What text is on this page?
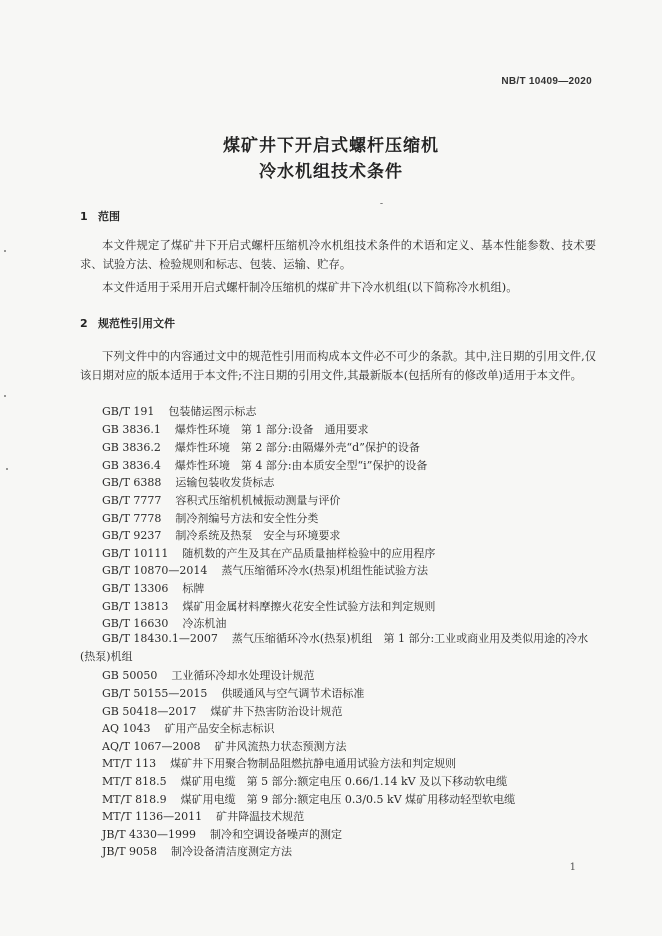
NB/T 10409—2020
煤矿井下开启式螺杆压缩机
冷水机组技术条件
1 范围
本文件规定了煤矿井下开启式螺杆压缩机冷水机组技术条件的术语和定义、基本性能参数、技术要求、试验方法、检验规则和标志、包装、运输、贮存。
本文件适用于采用开启式螺杆制冷压缩机的煤矿井下冷水机组(以下简称冷水机组)。
2 规范性引用文件
下列文件中的内容通过文中的规范性引用而构成本文件必不可少的条款。其中,注日期的引用文件,仅该日期对应的版本适用于本文件;不注日期的引用文件,其最新版本(包括所有的修改单)适用于本文件。
GB/T 191 包装储运图示标志
GB 3836.1 爆炸性环境　第 1 部分:设备　通用要求
GB 3836.2 爆炸性环境　第 2 部分:由隔爆外壳“d”保护的设备
GB 3836.4 爆炸性环境　第 4 部分:由本质安全型“i”保护的设备
GB/T 6388 运输包装收发货标志
GB/T 7777 容积式压缩机机械振动测量与评价
GB/T 7778 制冷剂编号方法和安全性分类
GB/T 9237 制冷系统及热泵　安全与环境要求
GB/T 10111 随机数的产生及其在产品质量抽样检验中的应用程序
GB/T 10870—2014 蒸气压缩循环冷水(热泵)机组性能试验方法
GB/T 13306 标牌
GB/T 13813 煤矿用金属材料摩擦火花安全性试验方法和判定规则
GB/T 16630 冷冻机油
GB/T 18430.1—2007 蒸气压缩循环冷水(热泵)机组　第 1 部分:工业或商业用及类似用途的冷水(热泵)机组
GB 50050 工业循环冷却水处理设计规范
GB/T 50155—2015 供暖通风与空气调节术语标准
GB 50418—2017 煤矿井下热害防治设计规范
AQ 1043 矿用产品安全标志标识
AQ/T 1067—2008 矿井风流热力状态预测方法
MT/T 113 煤矿井下用聚合物制品阻燃抗静电通用试验方法和判定规则
MT/T 818.5 煤矿用电缆　第 5 部分:额定电压 0.66/1.14 kV 及以下移动软电缆
MT/T 818.9 煤矿用电缆　第 9 部分:额定电压 0.3/0.5 kV 煤矿用移动轻型软电缆
MT/T 1136—2011 矿井降温技术规范
JB/T 4330—1999 制冷和空调设备噪声的测定
JB/T 9058 制冷设备清洁度测定方法
1
